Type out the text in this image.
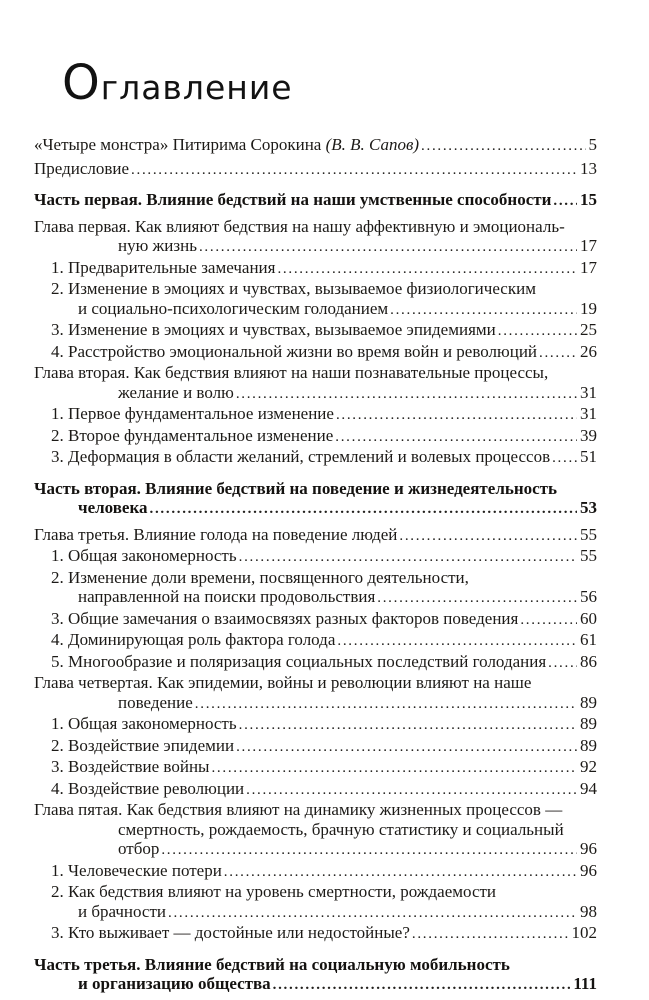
Оглавление
«Четыре монстра» Питирима Сорокина (В. В. Сапов) .....	5
Предисловие .....	13
Часть первая. Влияние бедствий на наши умственные способности ..... 15
Глава первая. Как влияют бедствия на нашу аффективную и эмоциональ-
ную жизнь .....	17
1. Предварительные замечания .....	17
2. Изменение в эмоциях и чувствах, вызываемое физиологическим
и социально-психологическим голоданием .....	19
3. Изменение в эмоциях и чувствах, вызываемое эпидемиями .....	25
4. Расстройство эмоциональной жизни во время войн и революций .....	26
Глава вторая. Как бедствия влияют на наши познавательные процессы,
желание и волю .....	31
1. Первое фундаментальное изменение .....	31
2. Второе фундаментальное изменение .....	39
3. Деформация в области желаний, стремлений и волевых процессов ..... 51
Часть вторая. Влияние бедствий на поведение и жизнедеятельность
человека .....	53
Глава третья. Влияние голода на поведение людей .....	55
1. Общая закономерность .....	55
2. Изменение доли времени, посвященного деятельности,
направленной на поиски продовольствия .....	56
3. Общие замечания о взаимосвязях разных факторов поведения .....	60
4. Доминирующая роль фактора голода .....	61
5. Многообразие и поляризация социальных последствий голодания ..... 86
Глава четвертая. Как эпидемии, войны и революции влияют на наше
поведение .....	89
1. Общая закономерность .....	89
2. Воздействие эпидемии .....	89
3. Воздействие войны .....	92
4. Воздействие революции .....	94
Глава пятая. Как бедствия влияют на динамику жизненных процессов —
смертность, рождаемость, брачную статистику и социальный
отбор .....	96
1. Человеческие потери .....	96
2. Как бедствия влияют на уровень смертности, рождаемости
и брачности .....	98
3. Кто выживает — достойные или недостойные? .....	102
Часть третья. Влияние бедствий на социальную мобильность
и организацию общества .....	111
